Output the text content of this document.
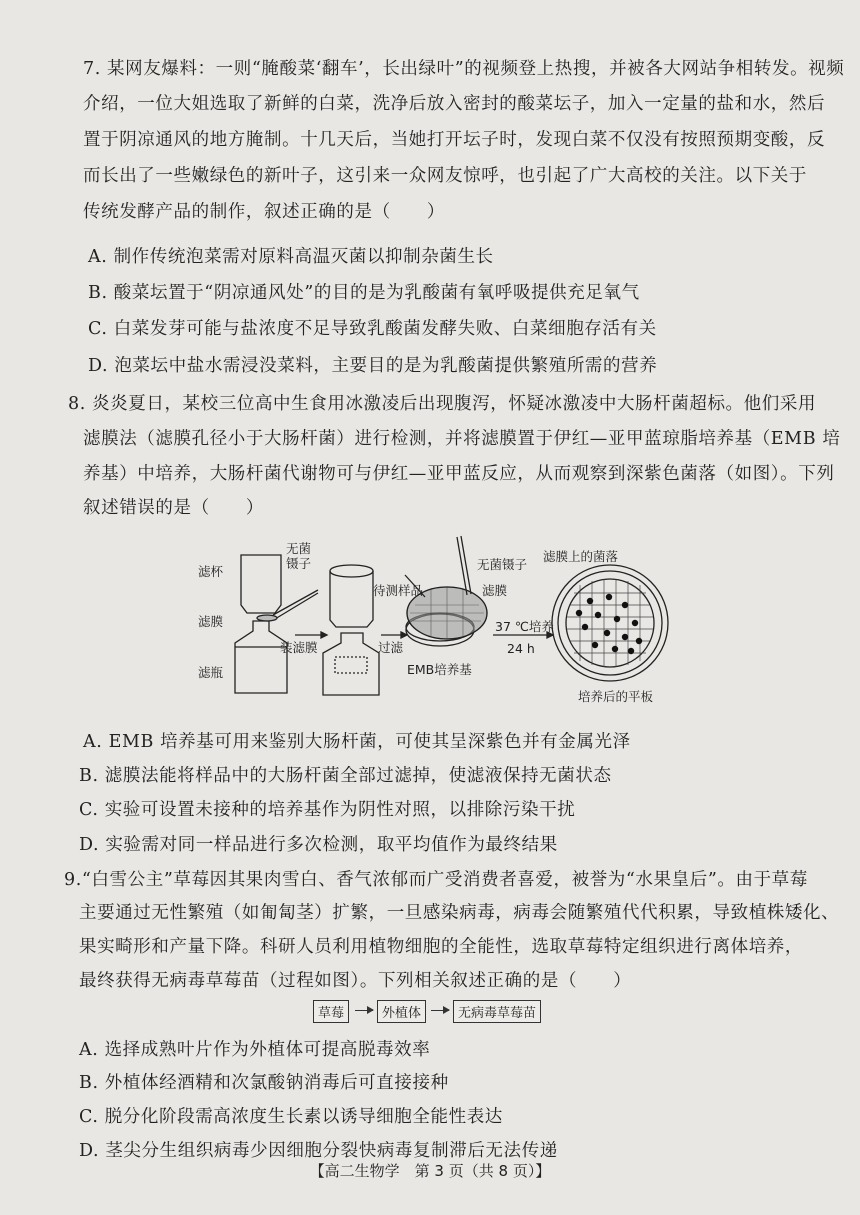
7. 某网友爆料：一则“腌酸菜‘翻车’，长出绿叶”的视频登上热搜，并被各大网站争相转发。视频
介绍，一位大姐选取了新鲜的白菜，洗净后放入密封的酸菜坛子，加入一定量的盐和水，然后
置于阴凉通风的地方腌制。十几天后，当她打开坛子时，发现白菜不仅没有按照预期变酸，反
而长出了一些嫩绿色的新叶子，这引来一众网友惊呼，也引起了广大高校的关注。以下关于
传统发酵产品的制作，叙述正确的是（　　）
A. 制作传统泡菜需对原料高温灭菌以抑制杂菌生长
B. 酸菜坛置于“阴凉通风处”的目的是为乳酸菌有氧呼吸提供充足氧气
C. 白菜发芽可能与盐浓度不足导致乳酸菌发酵失败、白菜细胞存活有关
D. 泡菜坛中盐水需浸没菜料，主要目的是为乳酸菌提供繁殖所需的营养
8. 炎炎夏日，某校三位高中生食用冰激凌后出现腹泻，怀疑冰激凌中大肠杆菌超标。他们采用
滤膜法（滤膜孔径小于大肠杆菌）进行检测，并将滤膜置于伊红—亚甲蓝琼脂培养基（EMB 培
养基）中培养，大肠杆菌代谢物可与伊红—亚甲蓝反应，从而观察到深紫色菌落（如图）。下列
叙述错误的是（　　）
滤杯
无菌
镊子
滤膜
装滤膜
滤瓶
待测样品
过滤
EMB培养基
无菌镊子
滤膜
37 ℃培养
24 h
滤膜上的菌落
培养后的平板
A. EMB 培养基可用来鉴别大肠杆菌，可使其呈深紫色并有金属光泽
B. 滤膜法能将样品中的大肠杆菌全部过滤掉，使滤液保持无菌状态
C. 实验可设置未接种的培养基作为阴性对照，以排除污染干扰
D. 实验需对同一样品进行多次检测，取平均值作为最终结果
9.“白雪公主”草莓因其果肉雪白、香气浓郁而广受消费者喜爱，被誉为“水果皇后”。由于草莓
主要通过无性繁殖（如匍匐茎）扩繁，一旦感染病毒，病毒会随繁殖代代积累，导致植株矮化、
果实畸形和产量下降。科研人员利用植物细胞的全能性，选取草莓特定组织进行离体培养，
最终获得无病毒草莓苗（过程如图）。下列相关叙述正确的是（　　）
草莓	外植体	无病毒草莓苗
A. 选择成熟叶片作为外植体可提高脱毒效率
B. 外植体经酒精和次氯酸钠消毒后可直接接种
C. 脱分化阶段需高浓度生长素以诱导细胞全能性表达
D. 茎尖分生组织病毒少因细胞分裂快病毒复制滞后无法传递
【高二生物学　第 3 页（共 8 页）】
